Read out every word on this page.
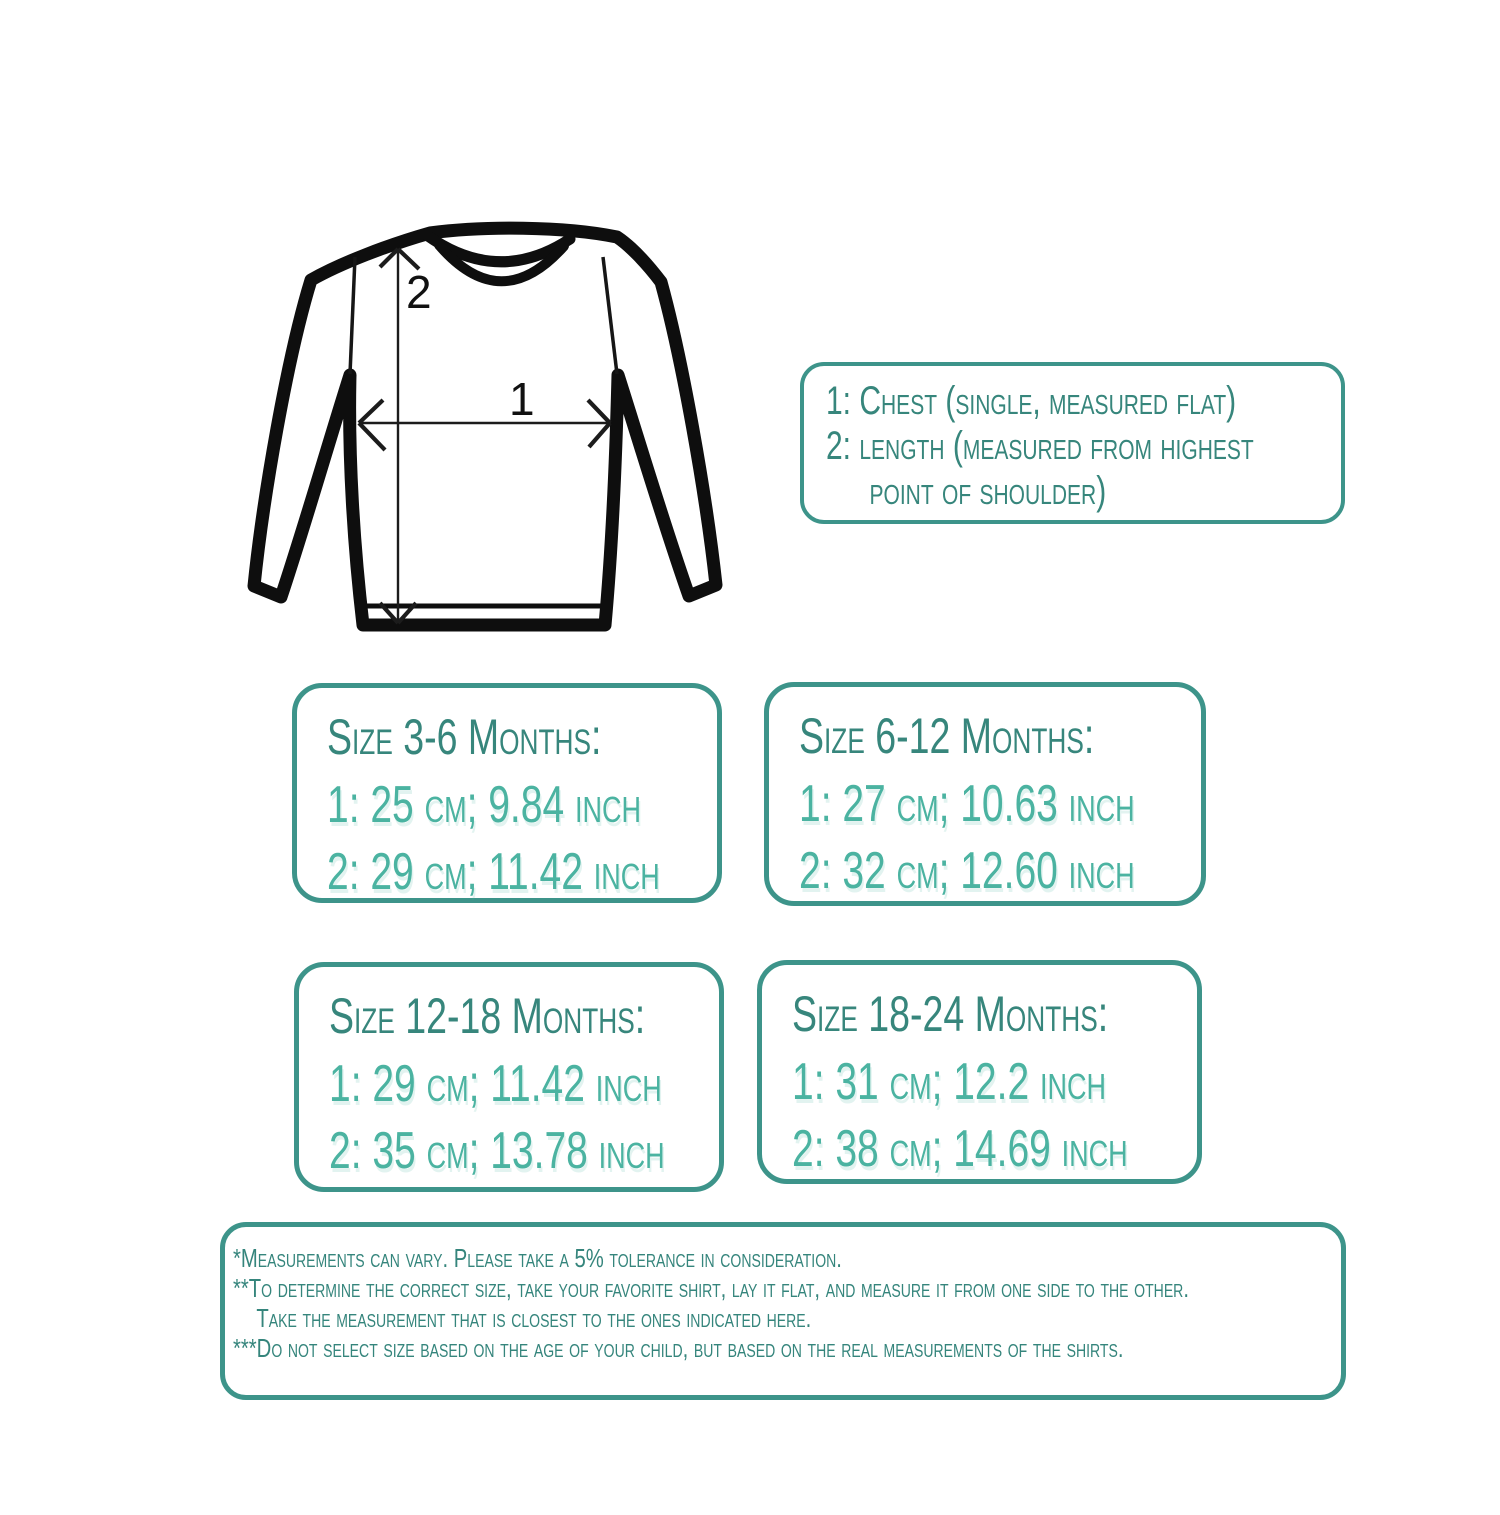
2
1	1: Chest (single, measured flat)
2: length (measured from highest
point of shoulder)
Size 3-6 Months:
1: 25 cm; 9.84 inch
2: 29 cm; 11.42 inch
Size 6-12 Months:
1: 27 cm; 10.63 inch
2: 32 cm; 12.60 inch
Size 12-18 Months:
1: 29 cm; 11.42 inch
2: 35 cm; 13.78 inch
Size 18-24 Months:
1: 31 cm; 12.2 inch
2: 38 cm; 14.69 inch
*Measurements can vary. Please take a 5% tolerance in consideration.
**To determine the correct size, take your favorite shirt, lay it flat, and measure it from one side to the other.
Take the measurement that is closest to the ones indicated here.
***Do not select size based on the age of your child, but based on the real measurements of the shirts.
